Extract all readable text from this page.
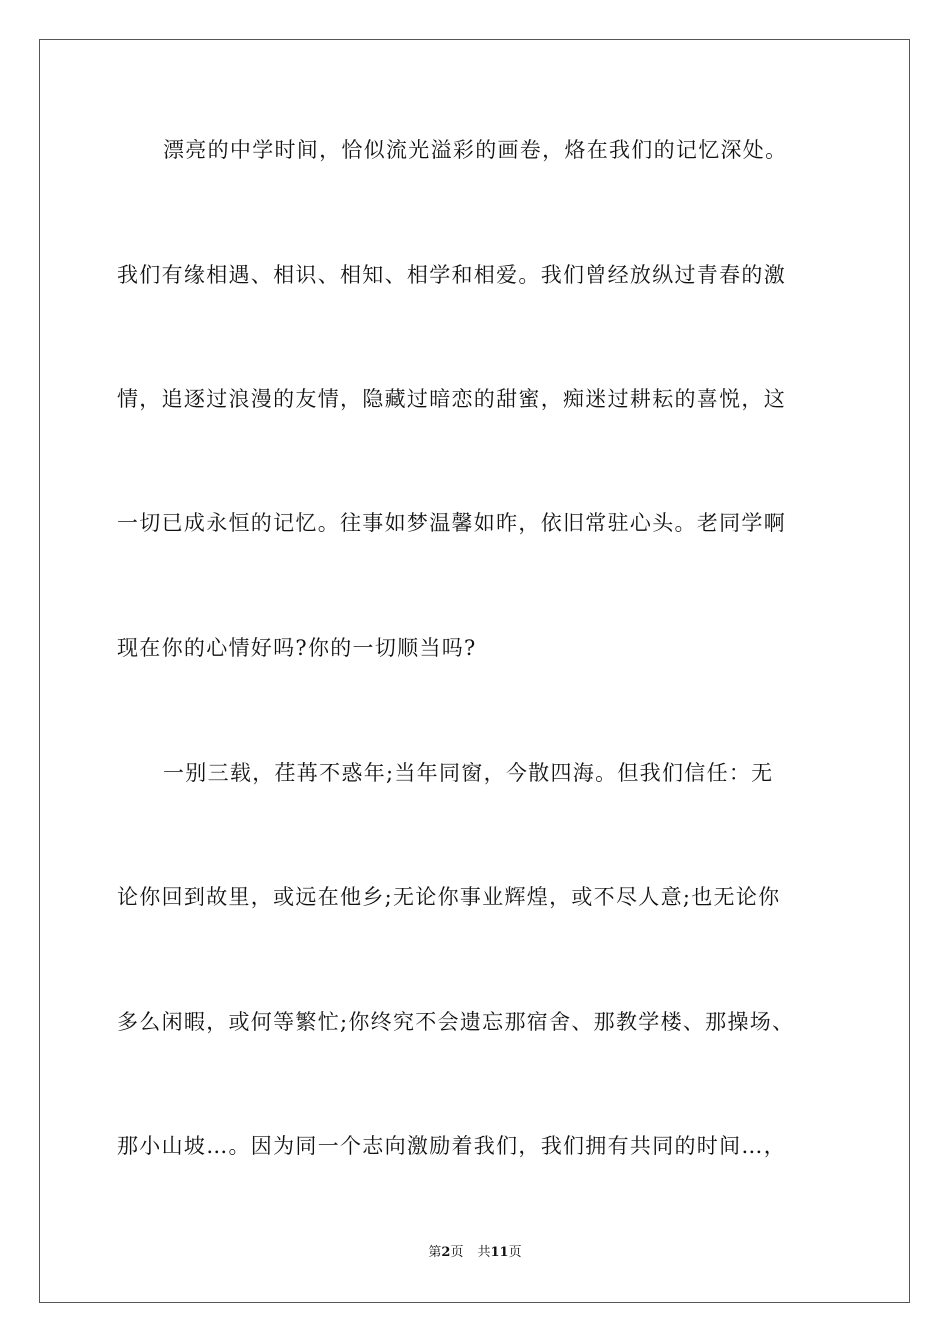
漂亮的中学时间，恰似流光溢彩的画卷，烙在我们的记忆深处。
我们有缘相遇、相识、相知、相学和相爱。我们曾经放纵过青春的激
情，追逐过浪漫的友情，隐藏过暗恋的甜蜜，痴迷过耕耘的喜悦，这
一切已成永恒的记忆。往事如梦温馨如昨，依旧常驻心头。老同学啊
现在你的心情好吗?你的一切顺当吗?
一别三载，荏苒不惑年;当年同窗，今散四海。但我们信任：无
论你回到故里，或远在他乡;无论你事业辉煌，或不尽人意;也无论你
多么闲暇，或何等繁忙;你终究不会遗忘那宿舍、那教学楼、那操场、
那小山坡…。因为同一个志向激励着我们，我们拥有共同的时间…，
第2页 共11页
